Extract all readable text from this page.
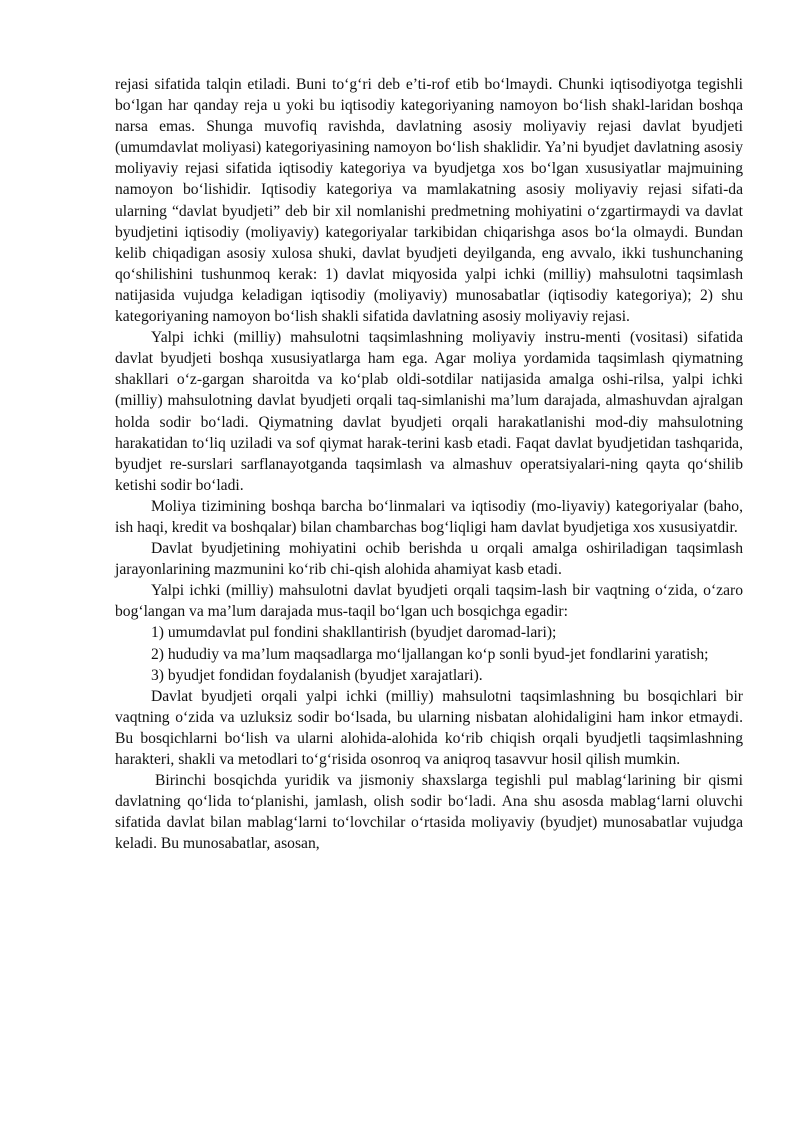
rejasi sifatida talqin etiladi. Buni to‘g‘ri deb e’ti-rof etib bo‘lmaydi. Chunki iqtisodiyotga tegishli bo‘lgan har qanday reja u yoki bu iqtisodiy kategoriyaning namoyon bo‘lish shakl-laridan boshqa narsa emas. Shunga muvofiq ravishda, davlatning asosiy moliyaviy rejasi davlat byudjeti (umumdavlat moliyasi) kategoriyasining namoyon bo‘lish shaklidir. Ya’ni byudjet davlatning asosiy moliyaviy rejasi sifatida iqtisodiy kategoriya va byudjetga xos bo‘lgan xususiyatlar majmuining namoyon bo‘lishidir. Iqtisodiy kategoriya va mamlakatning asosiy moliyaviy rejasi sifati-da ularning “davlat byudjeti” deb bir xil nomlanishi predmetning mohiyatini o‘zgartirmaydi va davlat byudjetini iqtisodiy (moliyaviy) kategoriyalar tarkibidan chiqarishga asos bo‘la olmaydi. Bundan kelib chiqadigan asosiy xulosa shuki, davlat byudjeti deyilganda, eng avvalo, ikki tushunchaning qo‘shilishini tushunmoq kerak: 1) davlat miqyosida yalpi ichki (milliy) mahsulotni taqsimlash natijasida vujudga keladigan iqtisodiy (moliyaviy) munosabatlar (iqtisodiy kategoriya); 2) shu kategoriyaning namoyon bo‘lish shakli sifatida davlatning asosiy moliyaviy rejasi.

Yalpi ichki (milliy) mahsulotni taqsimlashning moliyaviy instru-menti (vositasi) sifatida davlat byudjeti boshqa xususiyatlarga ham ega. Agar moliya yordamida taqsimlash qiymatning shakllari o‘z-gargan sharoitda va ko‘plab oldi-sotdilar natijasida amalga oshi-rilsa, yalpi ichki (milliy) mahsulotning davlat byudjeti orqali taq-simlanishi ma’lum darajada, almashuvdan ajralgan holda sodir bo‘ladi. Qiymatning davlat byudjeti orqali harakatlanishi mod-diy mahsulotning harakatidan to‘liq uziladi va sof qiymat harak-terini kasb etadi. Faqat davlat byudjetidan tashqarida, byudjet re-surslari sarflanayotganda taqsimlash va almashuv operatsiyalari-ning qayta qo‘shilib ketishi sodir bo‘ladi.

Moliya tizimining boshqa barcha bo‘linmalari va iqtisodiy (mo-liyaviy) kategoriyalar (baho, ish haqi, kredit va boshqalar) bilan chambarchas bog‘liqligi ham davlat byudjetiga xos xususiyatdir.

Davlat byudjetining mohiyatini ochib berishda u orqali amalga oshiriladigan taqsimlash jarayonlarining mazmunini ko‘rib chi-qish alohida ahamiyat kasb etadi.

Yalpi ichki (milliy) mahsulotni davlat byudjeti orqali taqsim-lash bir vaqtning o‘zida, o‘zaro bog‘langan va ma’lum darajada mus-taqil bo‘lgan uch bosqichga egadir:

1) umumdavlat pul fondini shakllantirish (byudjet daromad-lari);

2) hududiy va ma’lum maqsadlarga mo‘ljallangan ko‘p sonli byud-jet fondlarini yaratish;

3) byudjet fondidan foydalanish (byudjet xarajatlari).

Davlat byudjeti orqali yalpi ichki (milliy) mahsulotni taqsimlashning bu bosqichlari bir vaqtning o‘zida va uzluksiz sodir bo‘lsada, bu ularning nisbatan alohidaligini ham inkor etmaydi. Bu bosqichlarni bo‘lish va ularni alohida-alohida ko‘rib chiqish orqali byudjetli taqsimlashning harakteri, shakli va metodlari to‘g‘risida osonroq va aniqroq tasavvur hosil qilish mumkin.

Birinchi bosqichda yuridik va jismoniy shaxslarga tegishli pul mablag‘larining bir qismi davlatning qo‘lida to‘planishi, jamlash, olish sodir bo‘ladi. Ana shu asosda mablag‘larni oluvchi sifatida davlat bilan mablag‘larni to‘lovchilar o‘rtasida moliyaviy (byudjet) munosabatlar vujudga keladi. Bu munosabatlar, asosan,
